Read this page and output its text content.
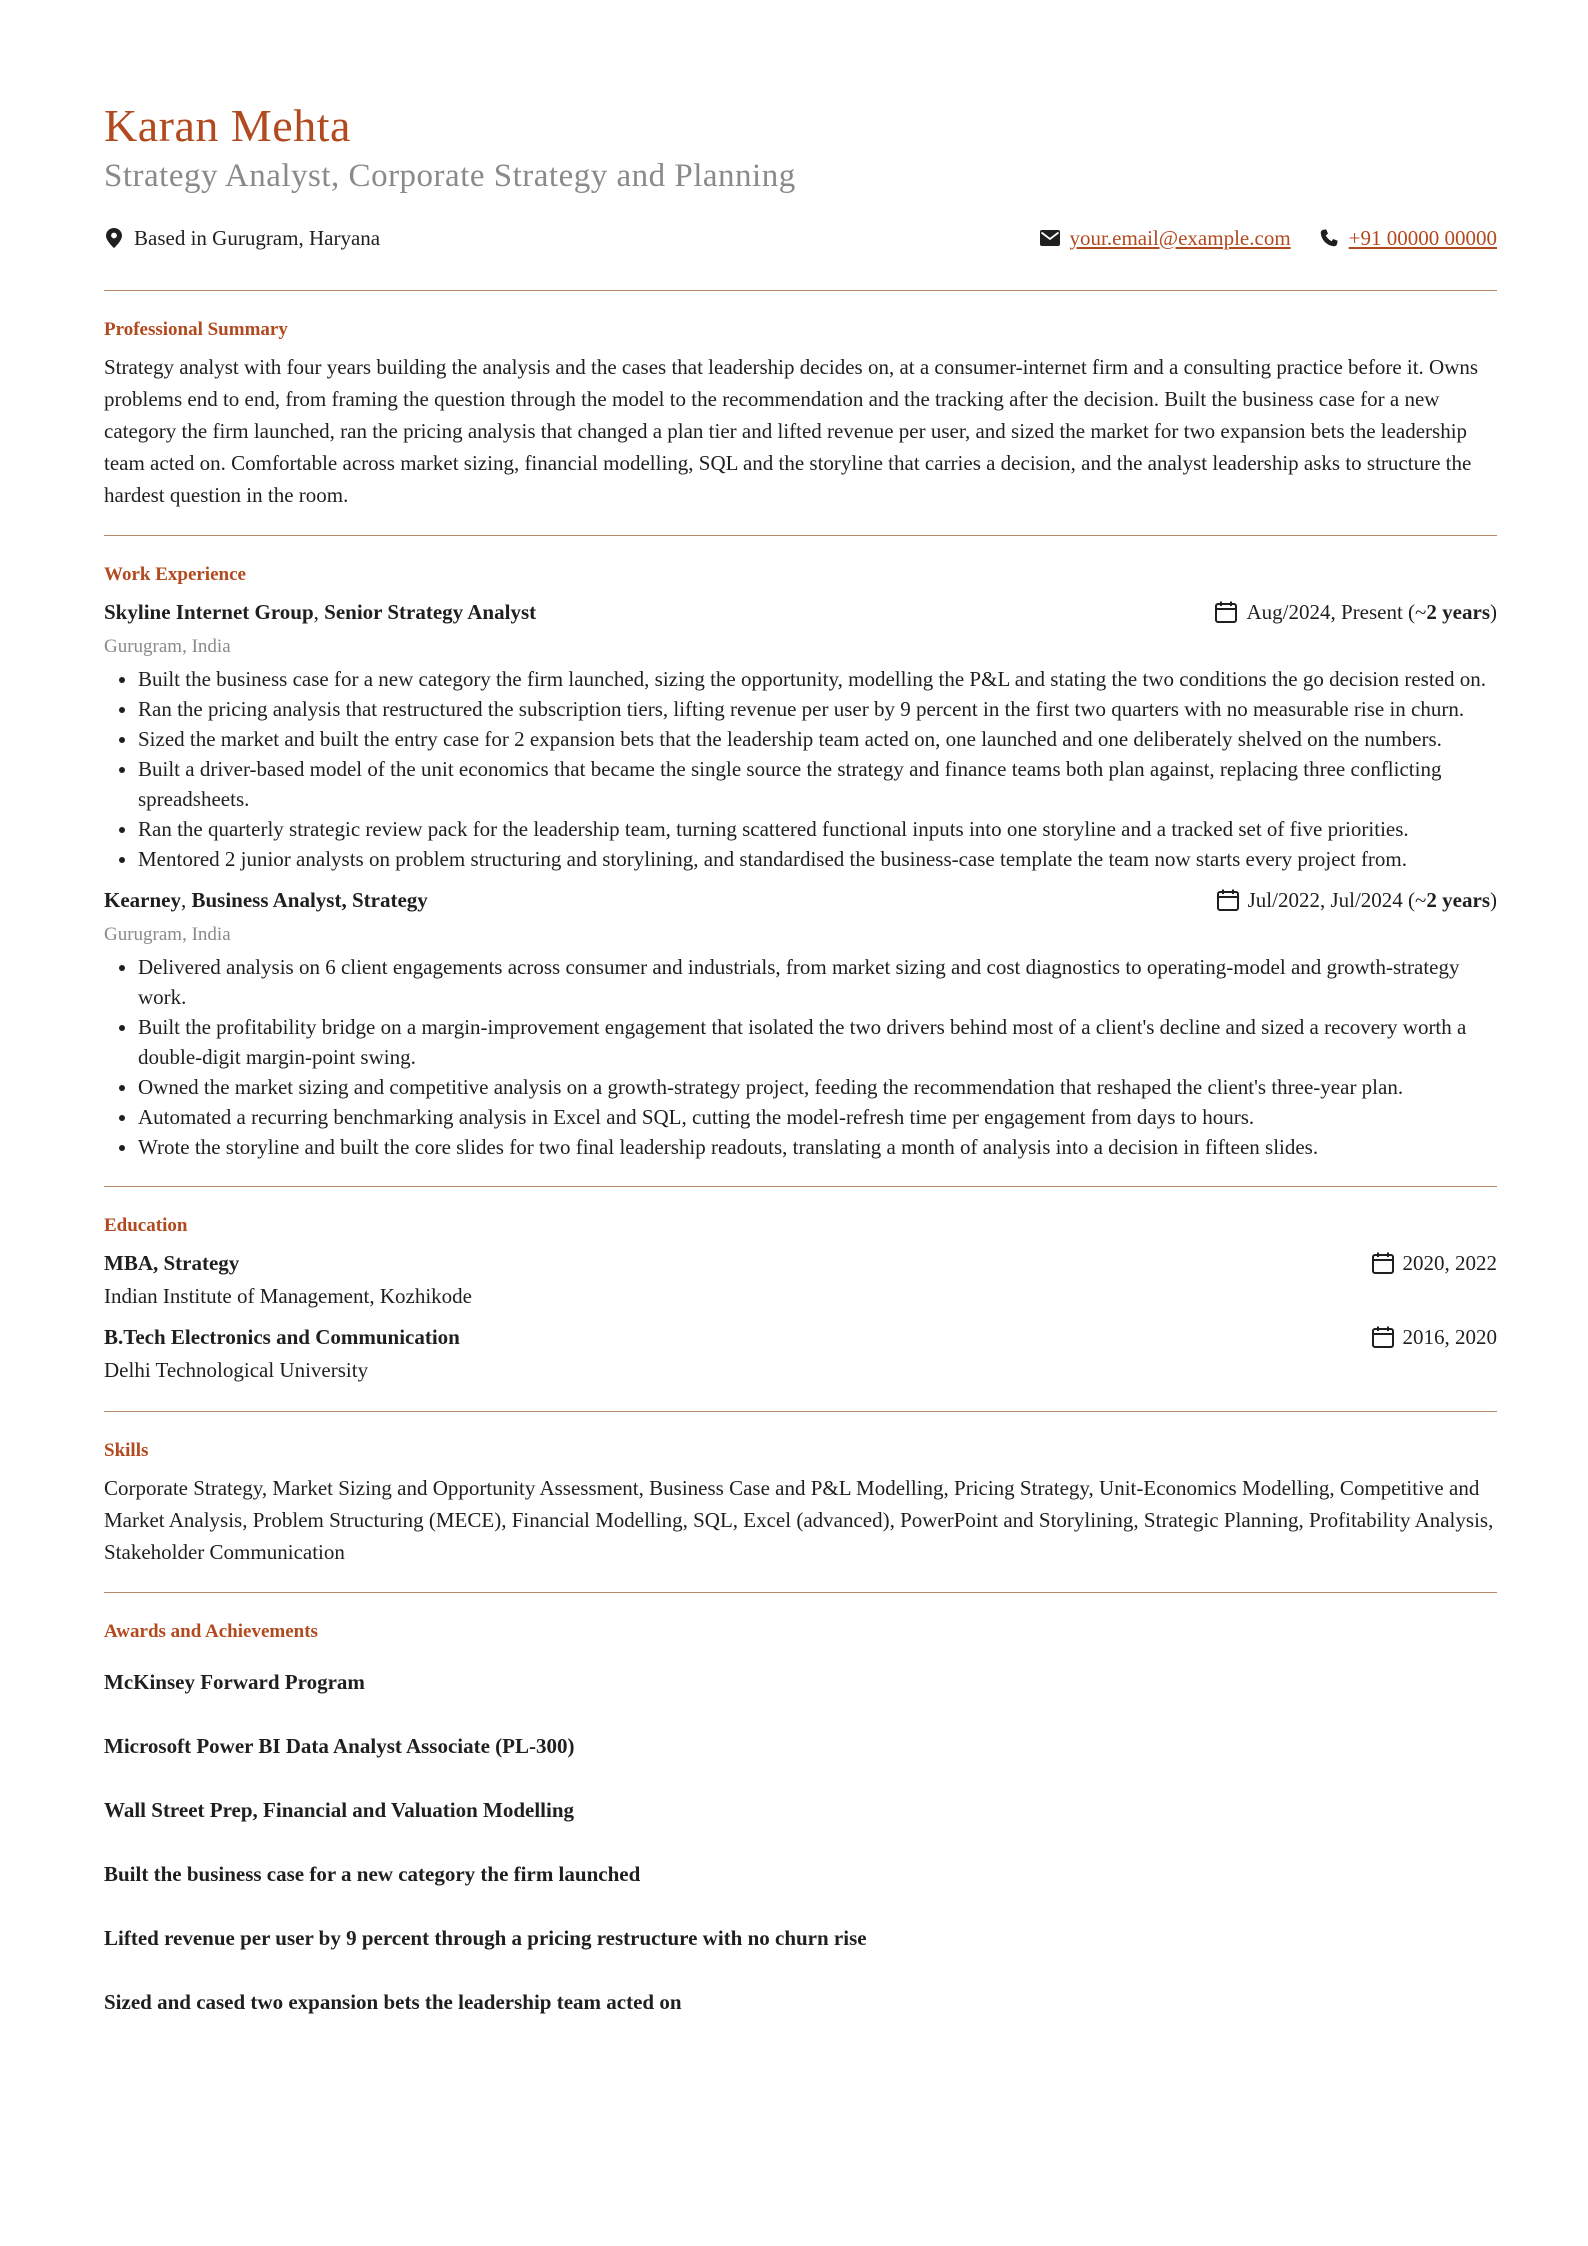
Karan Mehta

Strategy Analyst, Corporate Strategy and Planning

Based in Gurugram, Haryana	your.email@example.com	+91 00000 00000
Professional Summary

Strategy analyst with four years building the analysis and the cases that leadership decides on, at a consumer-internet firm and a consulting practice before it. Owns problems end to end, from framing the question through the model to the recommendation and the tracking after the decision. Built the business case for a new category the firm launched, ran the pricing analysis that changed a plan tier and lifted revenue per user, and sized the market for two expansion bets the leadership team acted on. Comfortable across market sizing, financial modelling, SQL and the storyline that carries a decision, and the analyst leadership asks to structure the hardest question in the room.

Work Experience
Skyline Internet Group, Senior Strategy Analyst	Aug/2024, Present (~ 2 years )

Gurugram, India

• Built the business case for a new category the firm launched, sizing the opportunity, modelling the P&L and stating the two conditions the go decision rested on.
• Ran the pricing analysis that restructured the subscription tiers, lifting revenue per user by 9 percent in the first two quarters with no measurable rise in churn.
• Sized the market and built the entry case for 2 expansion bets that the leadership team acted on, one launched and one deliberately shelved on the numbers.
• Built a driver-based model of the unit economics that became the single source the strategy and finance teams both plan against, replacing three conflicting spreadsheets.
• Ran the quarterly strategic review pack for the leadership team, turning scattered functional inputs into one storyline and a tracked set of five priorities.
• Mentored 2 junior analysts on problem structuring and storylining, and standardised the business-case template the team now starts every project from.
Kearney, Business Analyst, Strategy	Jul/2022, Jul/2024 (~ 2 years )

Gurugram, India

• Delivered analysis on 6 client engagements across consumer and industrials, from market sizing and cost diagnostics to operating-model and growth-strategy work.
• Built the profitability bridge on a margin-improvement engagement that isolated the two drivers behind most of a client's decline and sized a recovery worth a double-digit margin-point swing.
• Owned the market sizing and competitive analysis on a growth-strategy project, feeding the recommendation that reshaped the client's three-year plan.
• Automated a recurring benchmarking analysis in Excel and SQL, cutting the model-refresh time per engagement from days to hours.
• Wrote the storyline and built the core slides for two final leadership readouts, translating a month of analysis into a decision in fifteen slides.
Education
MBA, Strategy	2020, 2022

Indian Institute of Management, Kozhikode

B.Tech Electronics and Communication	2016, 2020

Delhi Technological University

Skills

Corporate Strategy, Market Sizing and Opportunity Assessment, Business Case and P&L Modelling, Pricing Strategy, Unit-Economics Modelling, Competitive and Market Analysis, Problem Structuring (MECE), Financial Modelling, SQL, Excel (advanced), PowerPoint and Storylining, Strategic Planning, Profitability Analysis, Stakeholder Communication

Awards and Achievements

McKinsey Forward Program

Microsoft Power BI Data Analyst Associate (PL-300)

Wall Street Prep, Financial and Valuation Modelling

Built the business case for a new category the firm launched

Lifted revenue per user by 9 percent through a pricing restructure with no churn rise

Sized and cased two expansion bets the leadership team acted on
